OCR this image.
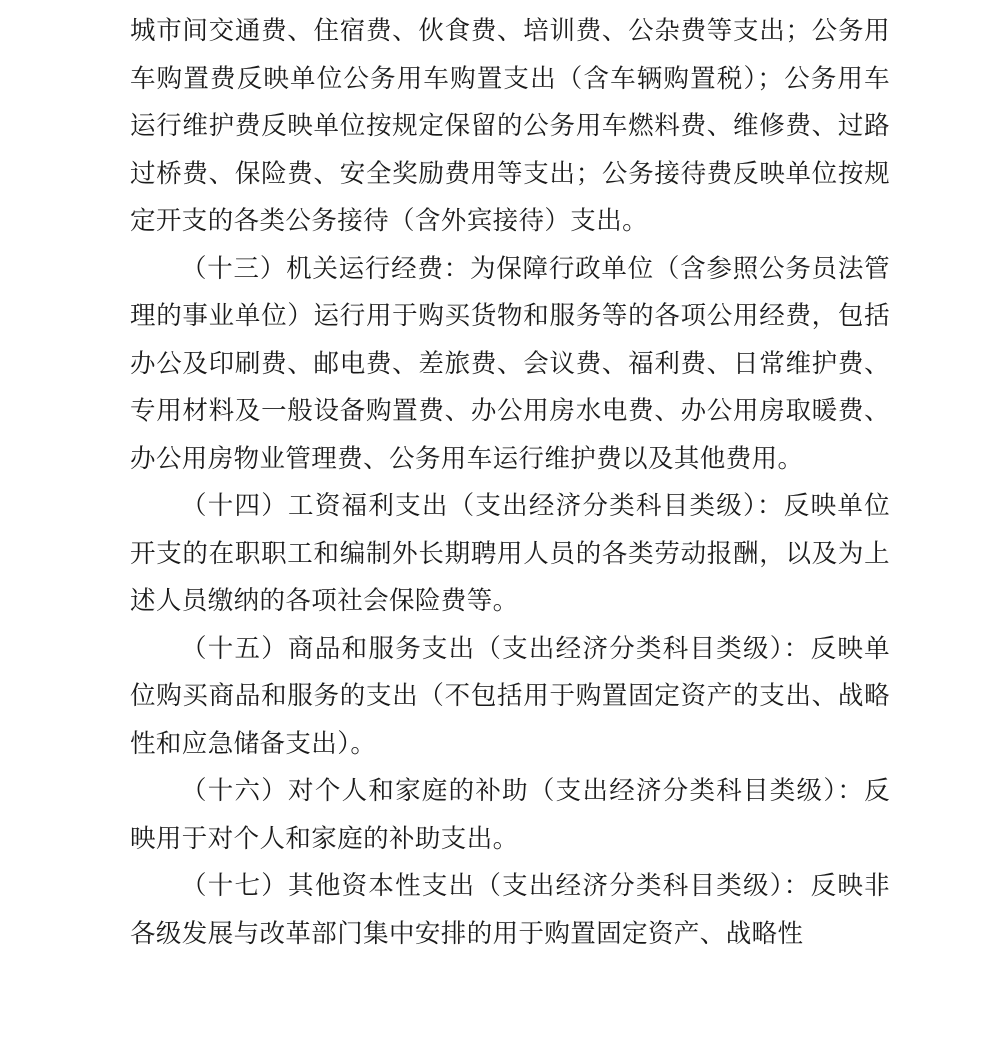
城市间交通费、住宿费、伙食费、培训费、公杂费等支出；公务用车购置费反映单位公务用车购置支出（含车辆购置税）；公务用车运行维护费反映单位按规定保留的公务用车燃料费、维修费、过路过桥费、保险费、安全奖励费用等支出；公务接待费反映单位按规定开支的各类公务接待（含外宾接待）支出。

（十三）机关运行经费：为保障行政单位（含参照公务员法管理的事业单位）运行用于购买货物和服务等的各项公用经费，包括办公及印刷费、邮电费、差旅费、会议费、福利费、日常维护费、专用材料及一般设备购置费、办公用房水电费、办公用房取暖费、办公用房物业管理费、公务用车运行维护费以及其他费用。

（十四）工资福利支出（支出经济分类科目类级）：反映单位开支的在职职工和编制外长期聘用人员的各类劳动报酬，以及为上述人员缴纳的各项社会保险费等。

（十五）商品和服务支出（支出经济分类科目类级）：反映单位购买商品和服务的支出（不包括用于购置固定资产的支出、战略性和应急储备支出）。

（十六）对个人和家庭的补助（支出经济分类科目类级）：反映用于对个人和家庭的补助支出。

（十七）其他资本性支出（支出经济分类科目类级）：反映非各级发展与改革部门集中安排的用于购置固定资产、战略性
